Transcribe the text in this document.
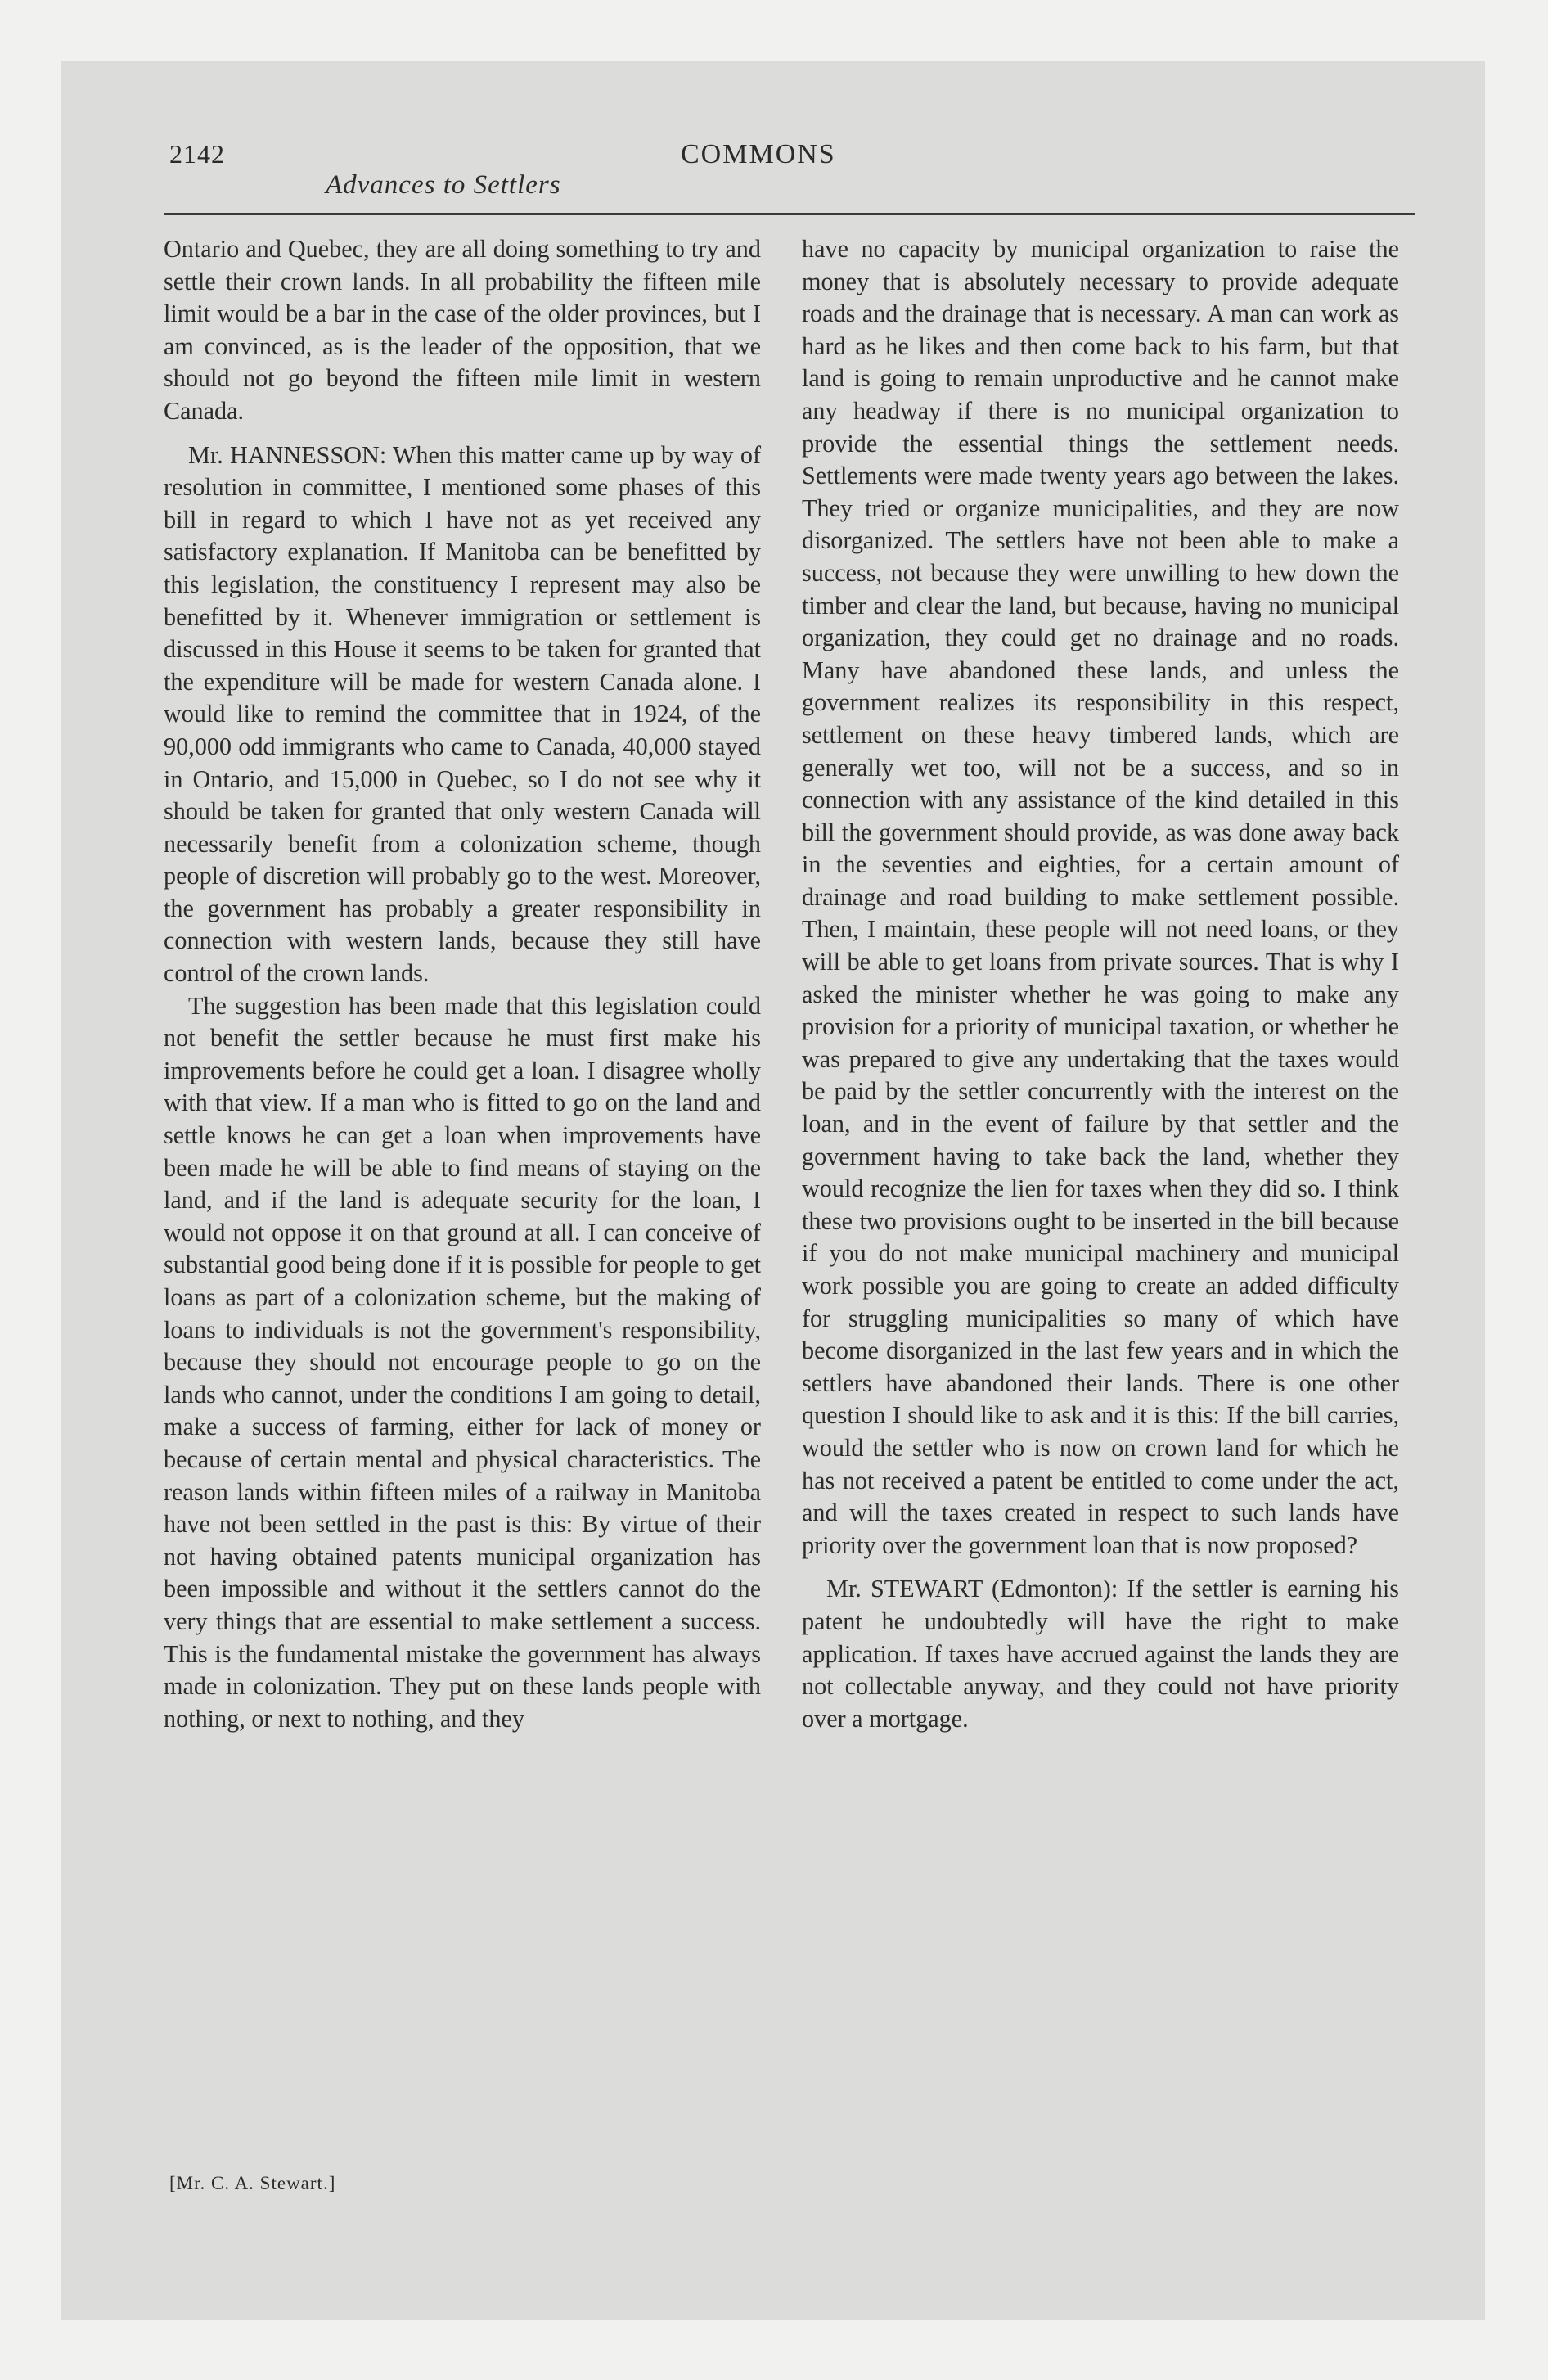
2142	COMMONS
Advances to Settlers

Ontario and Quebec, they are all doing something to try and settle their crown lands. In all probability the fifteen mile limit would be a bar in the case of the older provinces, but I am convinced, as is the leader of the opposition, that we should not go beyond the fifteen mile limit in western Canada.

Mr. HANNESSON: When this matter came up by way of resolution in committee, I mentioned some phases of this bill in regard to which I have not as yet received any satisfactory explanation. If Manitoba can be benefitted by this legislation, the constituency I represent may also be benefitted by it. Whenever immigration or settlement is discussed in this House it seems to be taken for granted that the expenditure will be made for western Canada alone. I would like to remind the committee that in 1924, of the 90,000 odd immigrants who came to Canada, 40,000 stayed in Ontario, and 15,000 in Quebec, so I do not see why it should be taken for granted that only western Canada will necessarily benefit from a colonization scheme, though people of discretion will probably go to the west. Moreover, the government has probably a greater responsibility in connection with western lands, because they still have control of the crown lands.

The suggestion has been made that this legislation could not benefit the settler because he must first make his improvements before he could get a loan. I disagree wholly with that view. If a man who is fitted to go on the land and settle knows he can get a loan when improvements have been made he will be able to find means of staying on the land, and if the land is adequate security for the loan, I would not oppose it on that ground at all. I can conceive of substantial good being done if it is possible for people to get loans as part of a colonization scheme, but the making of loans to individuals is not the government's responsibility, because they should not encourage people to go on the lands who cannot, under the conditions I am going to detail, make a success of farming, either for lack of money or because of certain mental and physical characteristics. The reason lands within fifteen miles of a railway in Manitoba have not been settled in the past is this: By virtue of their not having obtained patents municipal organization has been impossible and without it the settlers cannot do the very things that are essential to make settlement a success. This is the fundamental mistake the government has always made in colonization. They put on these lands people with nothing, or next to nothing, and they

have no capacity by municipal organization to raise the money that is absolutely necessary to provide adequate roads and the drainage that is necessary. A man can work as hard as he likes and then come back to his farm, but that land is going to remain unproductive and he cannot make any headway if there is no municipal organization to provide the essential things the settlement needs. Settlements were made twenty years ago between the lakes. They tried or organize municipalities, and they are now disorganized. The settlers have not been able to make a success, not because they were unwilling to hew down the timber and clear the land, but because, having no municipal organization, they could get no drainage and no roads. Many have abandoned these lands, and unless the government realizes its responsibility in this respect, settlement on these heavy timbered lands, which are generally wet too, will not be a success, and so in connection with any assistance of the kind detailed in this bill the government should provide, as was done away back in the seventies and eighties, for a certain amount of drainage and road building to make settlement possible. Then, I maintain, these people will not need loans, or they will be able to get loans from private sources. That is why I asked the minister whether he was going to make any provision for a priority of municipal taxation, or whether he was prepared to give any undertaking that the taxes would be paid by the settler concurrently with the interest on the loan, and in the event of failure by that settler and the government having to take back the land, whether they would recognize the lien for taxes when they did so. I think these two provisions ought to be inserted in the bill because if you do not make municipal machinery and municipal work possible you are going to create an added difficulty for struggling municipalities so many of which have become disorganized in the last few years and in which the settlers have abandoned their lands. There is one other question I should like to ask and it is this: If the bill carries, would the settler who is now on crown land for which he has not received a patent be entitled to come under the act, and will the taxes created in respect to such lands have priority over the government loan that is now proposed?

Mr. STEWART (Edmonton): If the settler is earning his patent he undoubtedly will have the right to make application. If taxes have accrued against the lands they are not collectable anyway, and they could not have priority over a mortgage.

[Mr. C. A. Stewart.]
